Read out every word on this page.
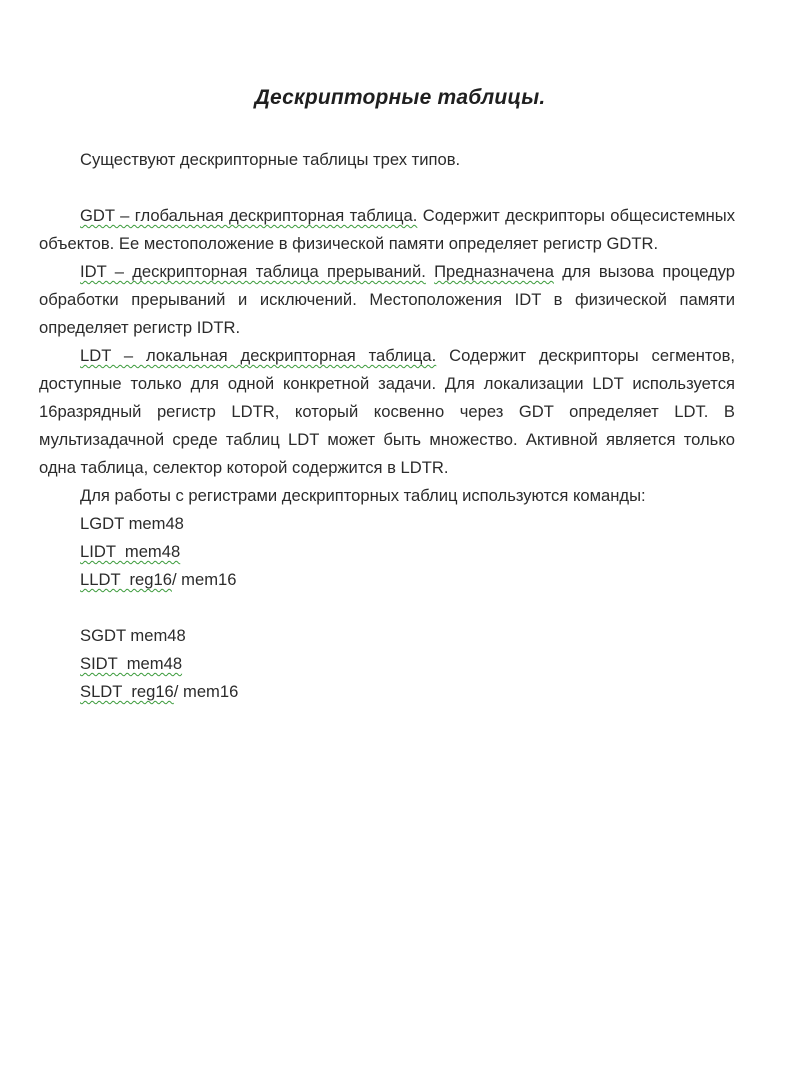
Дескрипторные таблицы.

Существуют дескрипторные таблицы трех типов.

GDT – глобальная дескрипторная таблица. Содержит дескрипторы общесистемных объектов. Ее местоположение в физической памяти определяет регистр GDTR.

IDT – дескрипторная таблица прерываний. Предназначена для вызова процедур обработки прерываний и исключений. Местоположения IDT в физической памяти определяет регистр IDTR.

LDT – локальная дескрипторная таблица. Содержит дескрипторы сегментов, доступные только для одной конкретной задачи. Для локализации LDT используется 16разрядный регистр LDTR, который косвенно через GDT определяет LDT. В мультизадачной среде таблиц LDT может быть множество. Активной является только одна таблица, селектор которой содержится в LDTR.

Для работы с регистрами дескрипторных таблиц используются команды:

LGDT mem48

LIDT  mem48

LLDT  reg16/ mem16

SGDT mem48

SIDT  mem48

SLDT  reg16/ mem16
